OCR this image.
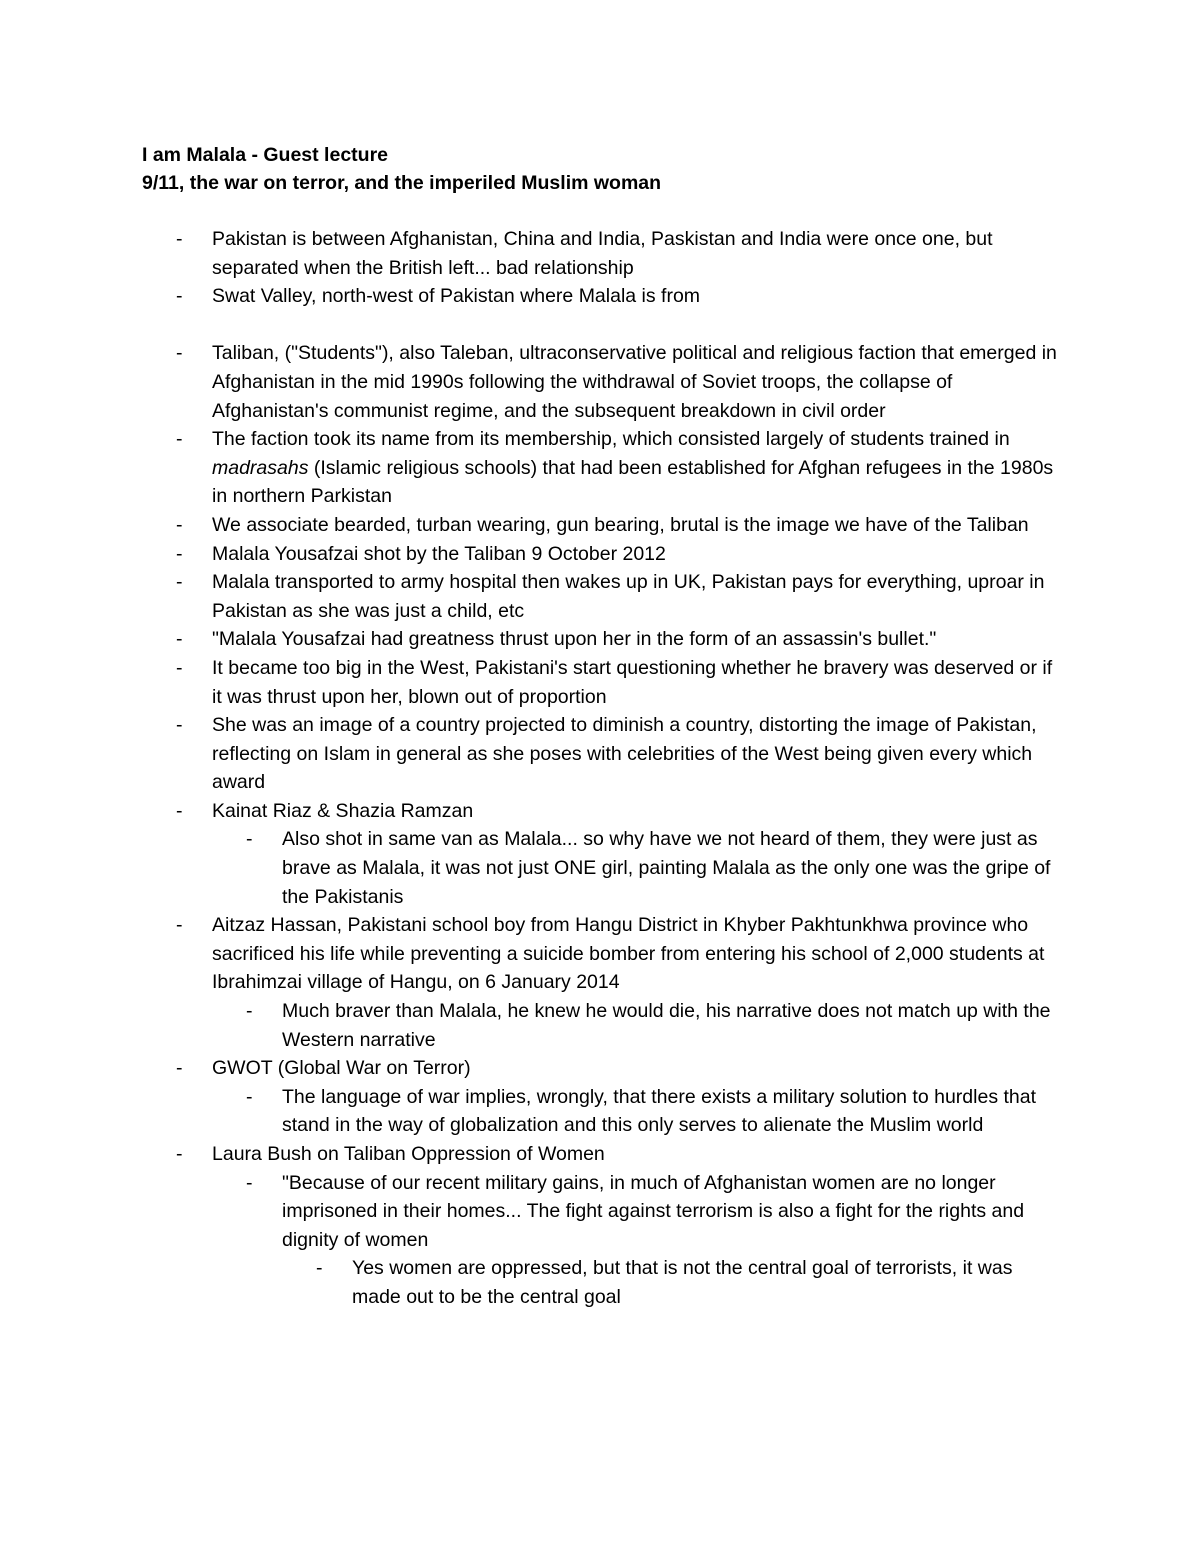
I am Malala - Guest lecture
9/11, the war on terror, and the imperiled Muslim woman
- Pakistan is between Afghanistan, China and India, Paskistan and India were once one, but separated when the British left... bad relationship
- Swat Valley, north-west of Pakistan where Malala is from
- Taliban, ("Students"), also Taleban, ultraconservative political and religious faction that emerged in Afghanistan in the mid 1990s following the withdrawal of Soviet troops, the collapse of Afghanistan's communist regime, and the subsequent breakdown in civil order
- The faction took its name from its membership, which consisted largely of students trained in madrasahs (Islamic religious schools) that had been established for Afghan refugees in the 1980s in northern Parkistan
- We associate bearded, turban wearing, gun bearing, brutal is the image we have of the Taliban
- Malala Yousafzai shot by the Taliban 9 October 2012
- Malala transported to army hospital then wakes up in UK, Pakistan pays for everything, uproar in Pakistan as she was just a child, etc
- "Malala Yousafzai had greatness thrust upon her in the form of an assassin's bullet."
- It became too big in the West, Pakistani's start questioning whether he bravery was deserved or if it was thrust upon her, blown out of proportion
- She was an image of a country projected to diminish a country, distorting the image of Pakistan, reflecting on Islam in general as she poses with celebrities of the West being given every which award
- Kainat Riaz & Shazia Ramzan
- Also shot in same van as Malala... so why have we not heard of them, they were just as brave as Malala, it was not just ONE girl, painting Malala as the only one was the gripe of the Pakistanis
- Aitzaz Hassan, Pakistani school boy from Hangu District in Khyber Pakhtunkhwa province who sacrificed his life while preventing a suicide bomber from entering his school of 2,000 students at Ibrahimzai village of Hangu, on 6 January 2014
- Much braver than Malala, he knew he would die, his narrative does not match up with the Western narrative
- GWOT (Global War on Terror)
- The language of war implies, wrongly, that there exists a military solution to hurdles that stand in the way of globalization and this only serves to alienate the Muslim world
- Laura Bush on Taliban Oppression of Women
- "Because of our recent military gains, in much of Afghanistan women are no longer imprisoned in their homes... The fight against terrorism is also a fight for the rights and dignity of women
- Yes women are oppressed, but that is not the central goal of terrorists, it was made out to be the central goal
